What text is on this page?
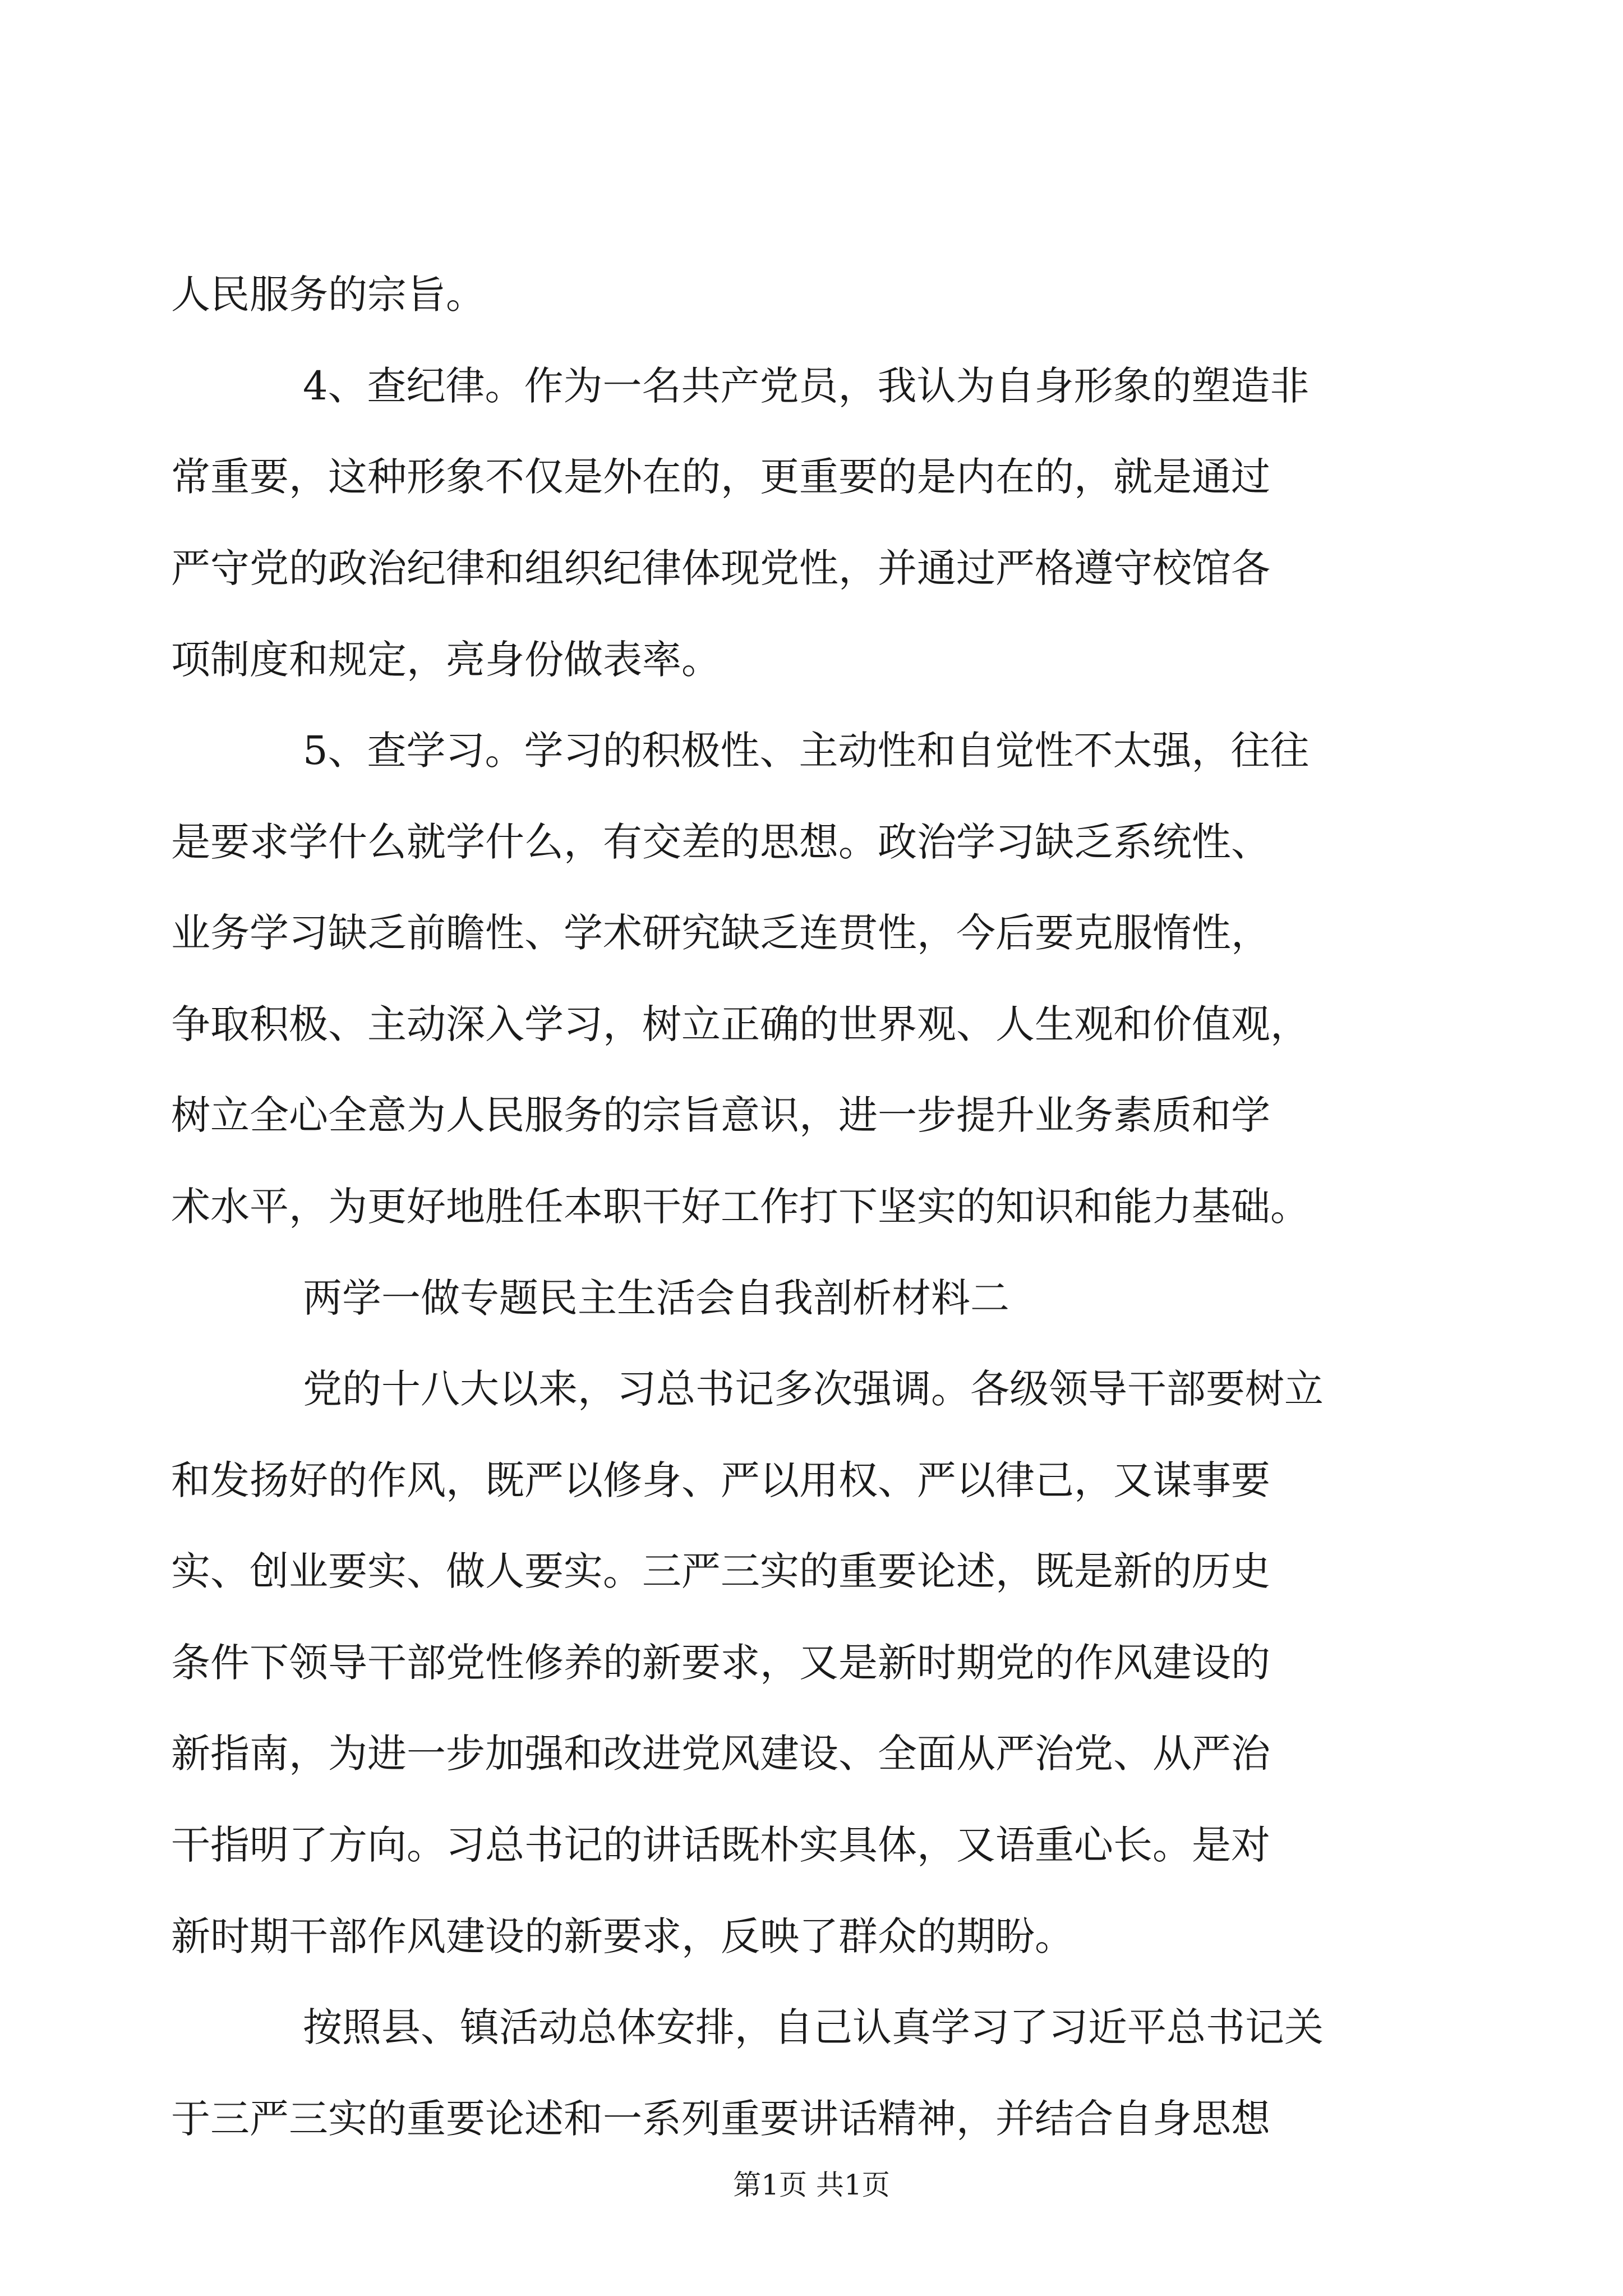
人民服务的宗旨。
4、查纪律。作为一名共产党员，我认为自身形象的塑造非
常重要，这种形象不仅是外在的，更重要的是内在的，就是通过
严守党的政治纪律和组织纪律体现党性，并通过严格遵守校馆各
项制度和规定，亮身份做表率。
5、查学习。学习的积极性、主动性和自觉性不太强，往往
是要求学什么就学什么，有交差的思想。政治学习缺乏系统性、
业务学习缺乏前瞻性、学术研究缺乏连贯性，今后要克服惰性，
争取积极、主动深入学习，树立正确的世界观、人生观和价值观，
树立全心全意为人民服务的宗旨意识，进一步提升业务素质和学
术水平，为更好地胜任本职干好工作打下坚实的知识和能力基础。
两学一做专题民主生活会自我剖析材料二
党的十八大以来，习总书记多次强调。各级领导干部要树立
和发扬好的作风，既严以修身、严以用权、严以律己，又谋事要
实、创业要实、做人要实。三严三实的重要论述，既是新的历史
条件下领导干部党性修养的新要求，又是新时期党的作风建设的
新指南，为进一步加强和改进党风建设、全面从严治党、从严治
干指明了方向。习总书记的讲话既朴实具体，又语重心长。是对
新时期干部作风建设的新要求，反映了群众的期盼。
按照县、镇活动总体安排，自己认真学习了习近平总书记关
于三严三实的重要论述和一系列重要讲话精神，并结合自身思想
第1页 共1页
